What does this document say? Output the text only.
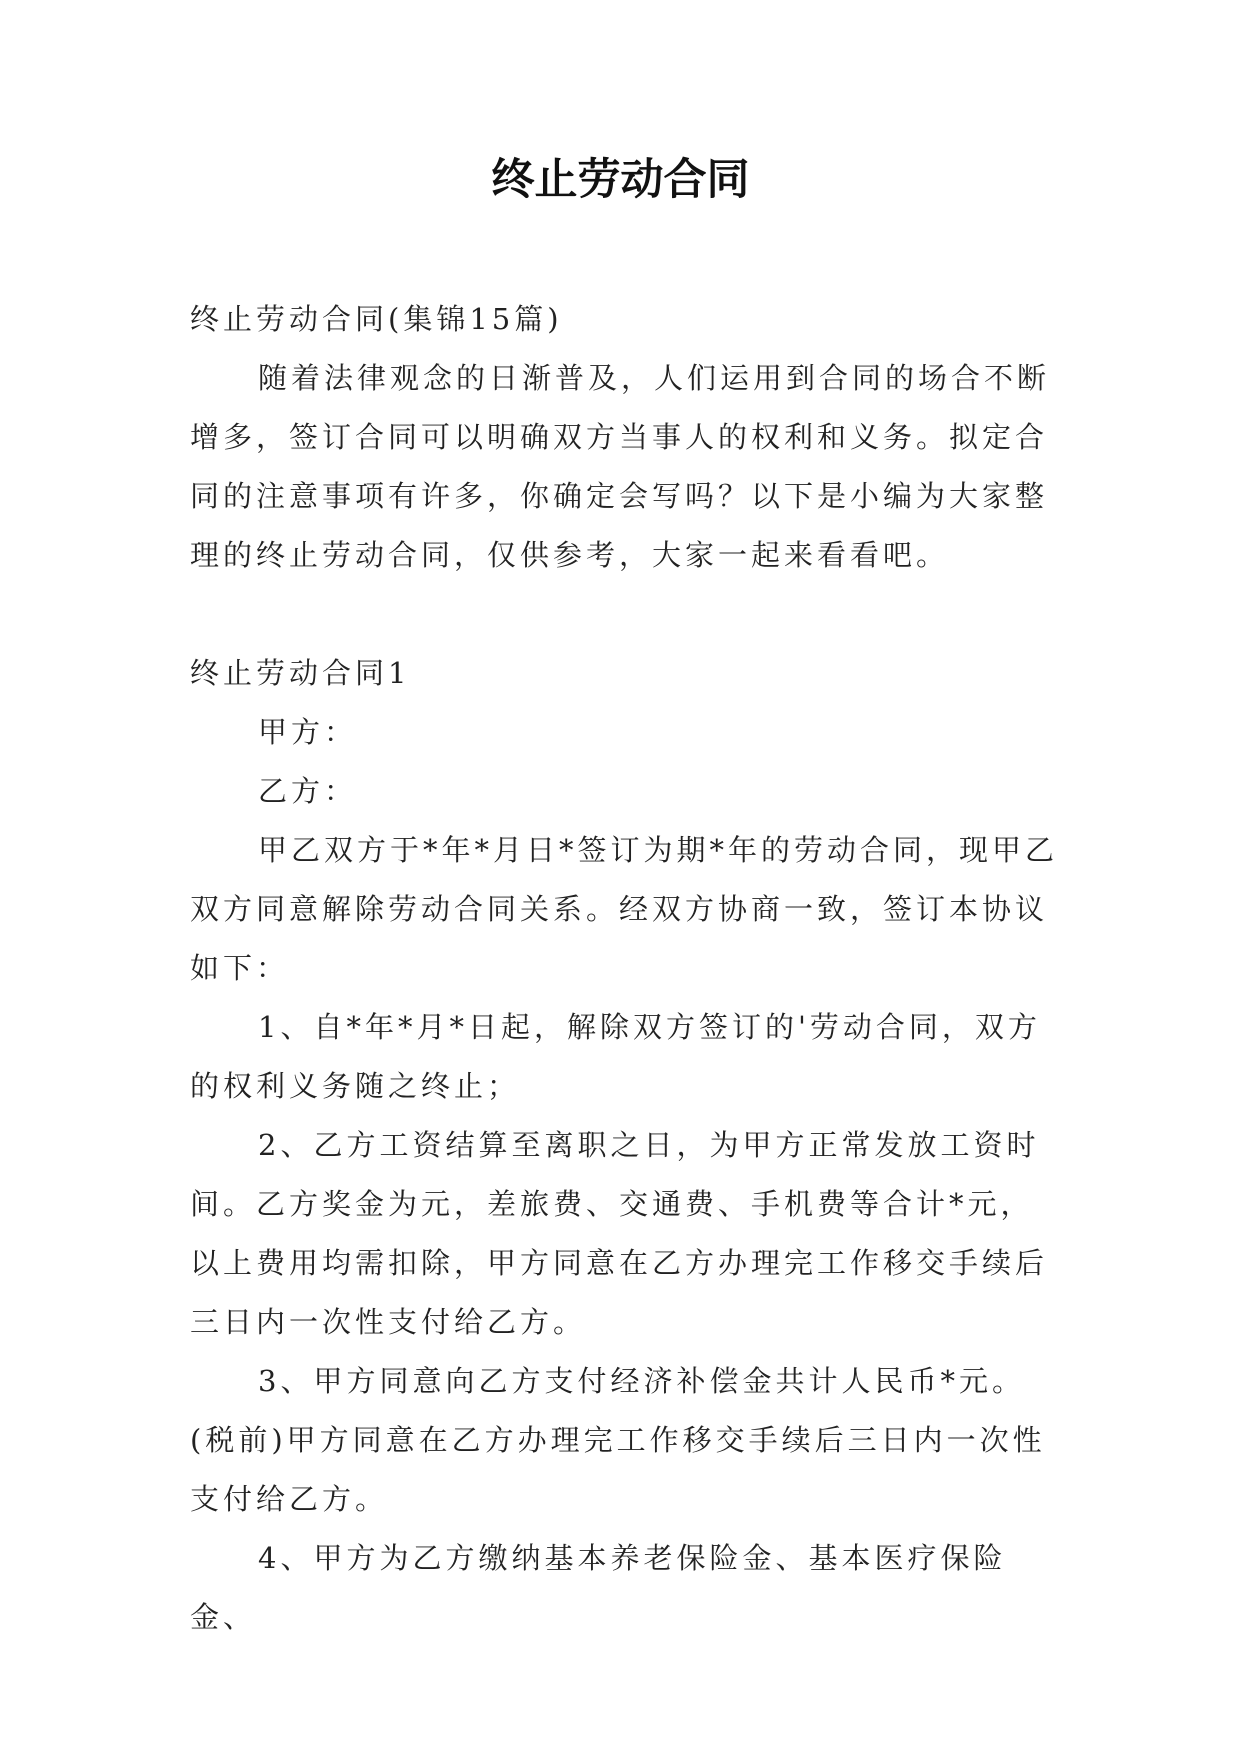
终止劳动合同

终止劳动合同(集锦15篇)

随着法律观念的日渐普及，人们运用到合同的场合不断增多，签订合同可以明确双方当事人的权利和义务。拟定合同的注意事项有许多，你确定会写吗？以下是小编为大家整理的终止劳动合同，仅供参考，大家一起来看看吧。

终止劳动合同1

甲方：

乙方：

甲乙双方于*年*月日*签订为期*年的劳动合同，现甲乙双方同意解除劳动合同关系。经双方协商一致，签订本协议如下：

1、自*年*月*日起，解除双方签订的'劳动合同，双方的权利义务随之终止；

2、乙方工资结算至离职之日，为甲方正常发放工资时间。乙方奖金为元，差旅费、交通费、手机费等合计*元，以上费用均需扣除，甲方同意在乙方办理完工作移交手续后三日内一次性支付给乙方。

3、甲方同意向乙方支付经济补偿金共计人民币*元。(税前)甲方同意在乙方办理完工作移交手续后三日内一次性支付给乙方。

4、甲方为乙方缴纳基本养老保险金、基本医疗保险金、
